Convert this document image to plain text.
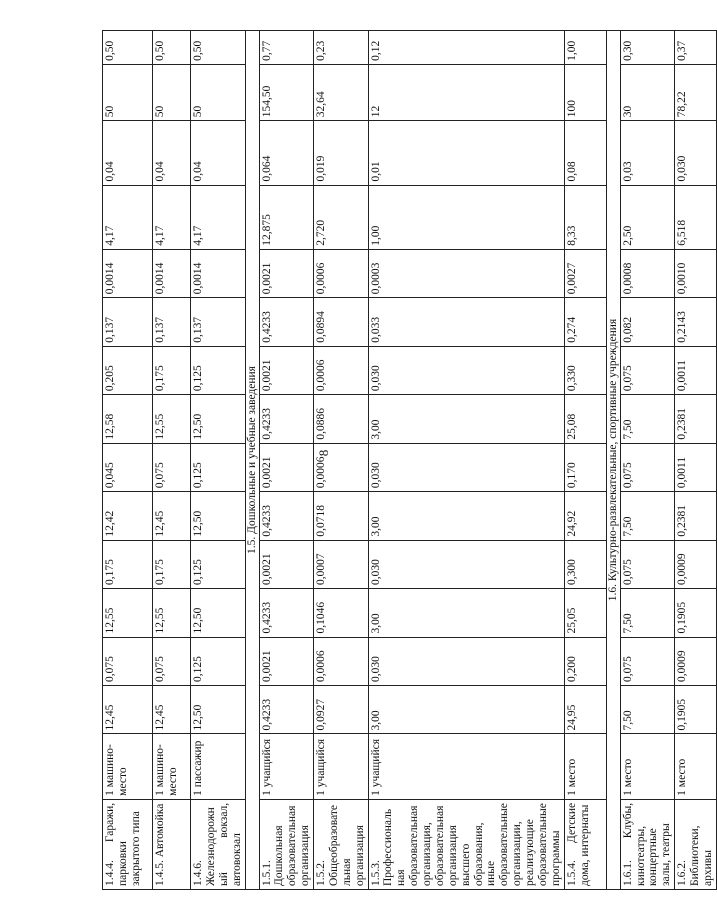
8
1.4.4. Гаражи, парковки закрытого типа	1 машино-место	12,45	0,075	12,55	0,175	12,42	0,045	12,58	0,205	0,137	0,0014	4,17	0,04	50	0,50
1.4.5. Автомойка	1 машино-место	12,45	0,075	12,55	0,175	12,45	0,075	12,55	0,175	0,137	0,0014	4,17	0,04	50	0,50
1.4.6. Железнодорожный вокзал, автовокзал	1 пассажир	12,50	0,125	12,50	0,125	12,50	0,125	12,50	0,125	0,137	0,0014	4,17	0,04	50	0,50
1.5. Дошкольные и учебные заведения															
1.5.1. Дошкольная образовательная организация	1 учащийся	0,4233	0,0021	0,4233	0,0021	0,4233	0,0021	0,4233	0,0021	0,4233	0,0021	12,875	0,064	154,50	0,77
1.5.2. Общеобразовательная организация	1 учащийся	0,0927	0,0006	0,1046	0,0007	0,0718	0,0006	0,0886	0,0006	0,0894	0,0006	2,720	0,019	32,64	0,23
1.5.3. Профессиональная образовательная организация, образовательная организация высшего образования, иные образовательные организации, реализующие образовательные программы	1 учащийся	3,00	0,030	3,00	0,030	3,00	0,030	3,00	0,030	0,033	0,0003	1,00	0,01	12	0,12
1.5.4. Детские дома, интернаты	1 место	24,95	0,200	25,05	0,300	24,92	0,170	25,08	0,330	0,274	0,0027	8,33	0,08	100	1,00
1.6. Культурно-развлекательные, спортивные учреждения															
1.6.1. Клубы, кинотеатры, концертные залы, театры	1 место	7,50	0,075	7,50	0,075	7,50	0,075	7,50	0,075	0,082	0,0008	2,50	0,03	30	0,30
1.6.2. Библиотеки, архивы	1 место	0,1905	0,0009	0,1905	0,0009	0,2381	0,0011	0,2381	0,0011	0,2143	0,0010	6,518	0,030	78,22	0,37
